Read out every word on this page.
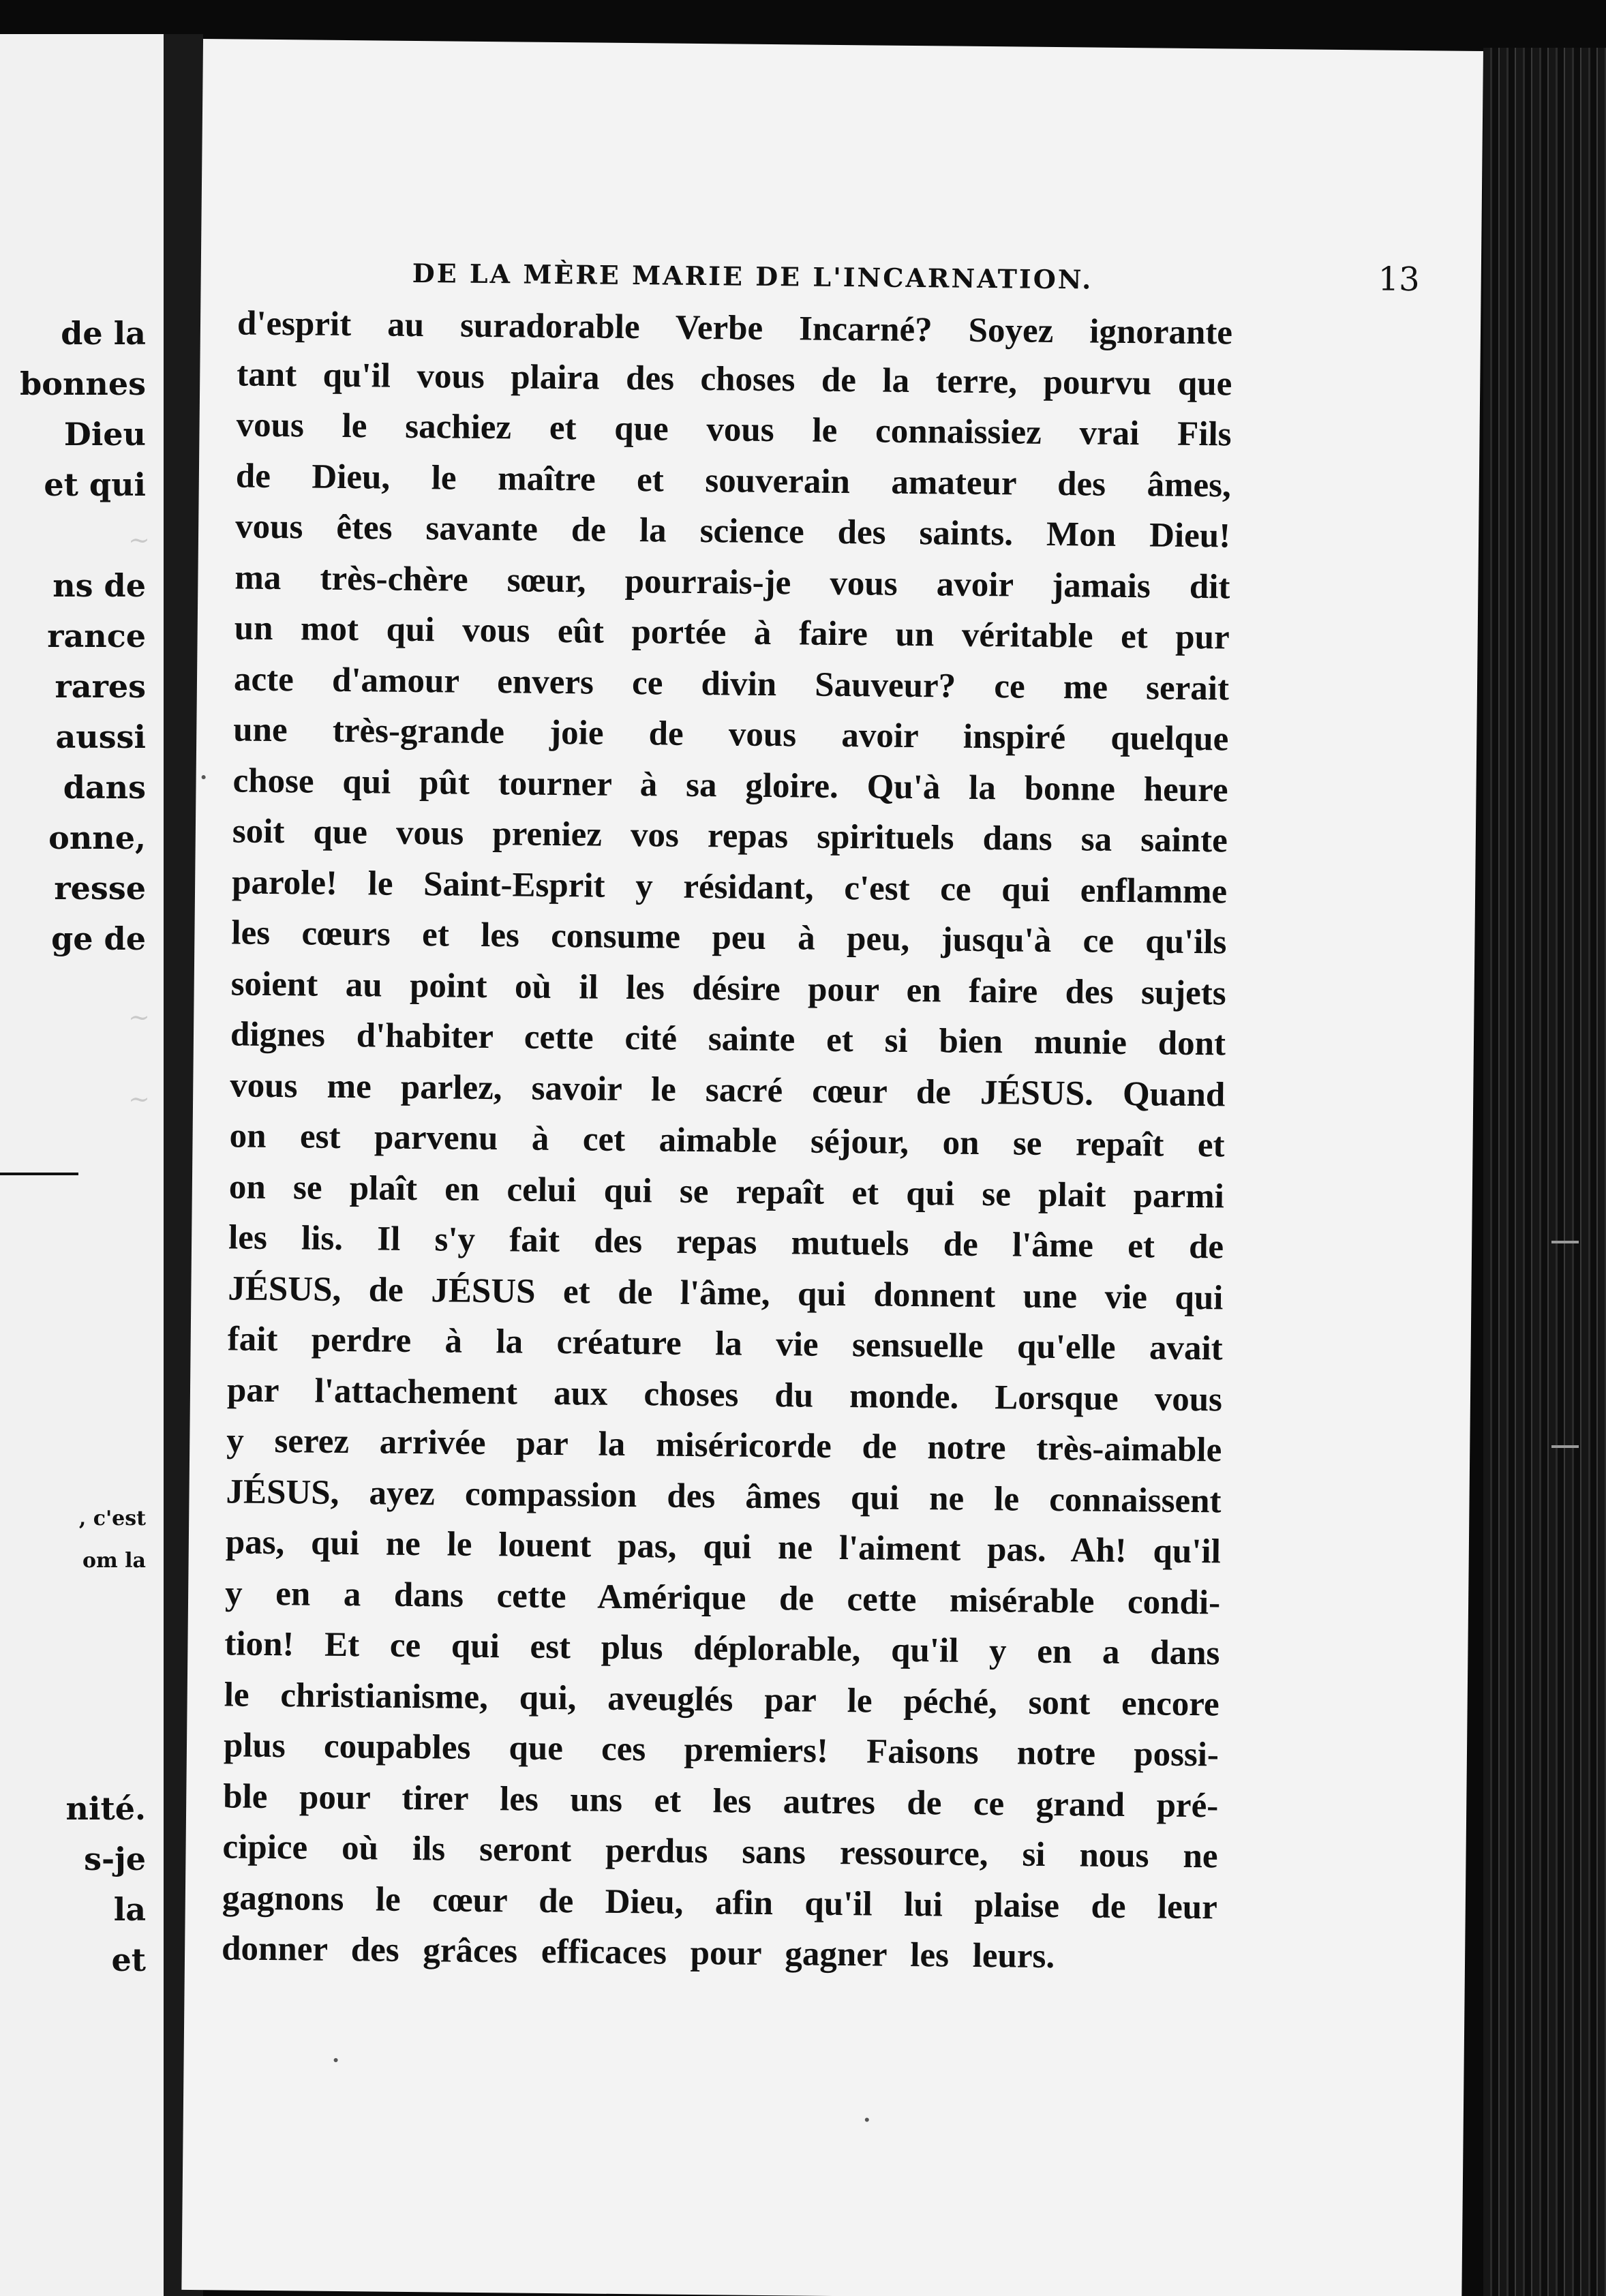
de la
bonnes
Dieu
et qui
ns de
rance
rares
aussi
dans
onne,
resse
ge de
~
~
~
, c'est
om la
nité.
s-je
la
et
DE LA MÈRE MARIE DE L'INCARNATION.	13
d'esprit au suradorable Verbe Incarné? Soyez ignorante
tant qu'il vous plaira des choses de la terre, pourvu que
vous le sachiez et que vous le connaissiez vrai Fils
de Dieu, le maître et souverain amateur des âmes,
vous êtes savante de la science des saints. Mon Dieu!
ma très-chère sœur, pourrais-je vous avoir jamais dit
un mot qui vous eût portée à faire un véritable et pur
acte d'amour envers ce divin Sauveur? ce me serait
une très-grande joie de vous avoir inspiré quelque
chose qui pût tourner à sa gloire. Qu'à la bonne heure
soit que vous preniez vos repas spirituels dans sa sainte
parole! le Saint-Esprit y résidant, c'est ce qui enflamme
les cœurs et les consume peu à peu, jusqu'à ce qu'ils
soient au point où il les désire pour en faire des sujets
dignes d'habiter cette cité sainte et si bien munie dont
vous me parlez, savoir le sacré cœur de JÉSUS. Quand
on est parvenu à cet aimable séjour, on se repaît et
on se plaît en celui qui se repaît et qui se plait parmi
les lis. Il s'y fait des repas mutuels de l'âme et de
JÉSUS, de JÉSUS et de l'âme, qui donnent une vie qui
fait perdre à la créature la vie sensuelle qu'elle avait
par l'attachement aux choses du monde. Lorsque vous
y serez arrivée par la miséricorde de notre très-aimable
JÉSUS, ayez compassion des âmes qui ne le connaissent
pas, qui ne le louent pas, qui ne l'aiment pas. Ah! qu'il
y en a dans cette Amérique de cette misérable condi-
tion! Et ce qui est plus déplorable, qu'il y en a dans
le christianisme, qui, aveuglés par le péché, sont encore
plus coupables que ces premiers! Faisons notre possi-
ble pour tirer les uns et les autres de ce grand pré-
cipice où ils seront perdus sans ressource, si nous ne
gagnons le cœur de Dieu, afin qu'il lui plaise de leur
donner des grâces efficaces pour gagner les leurs.
